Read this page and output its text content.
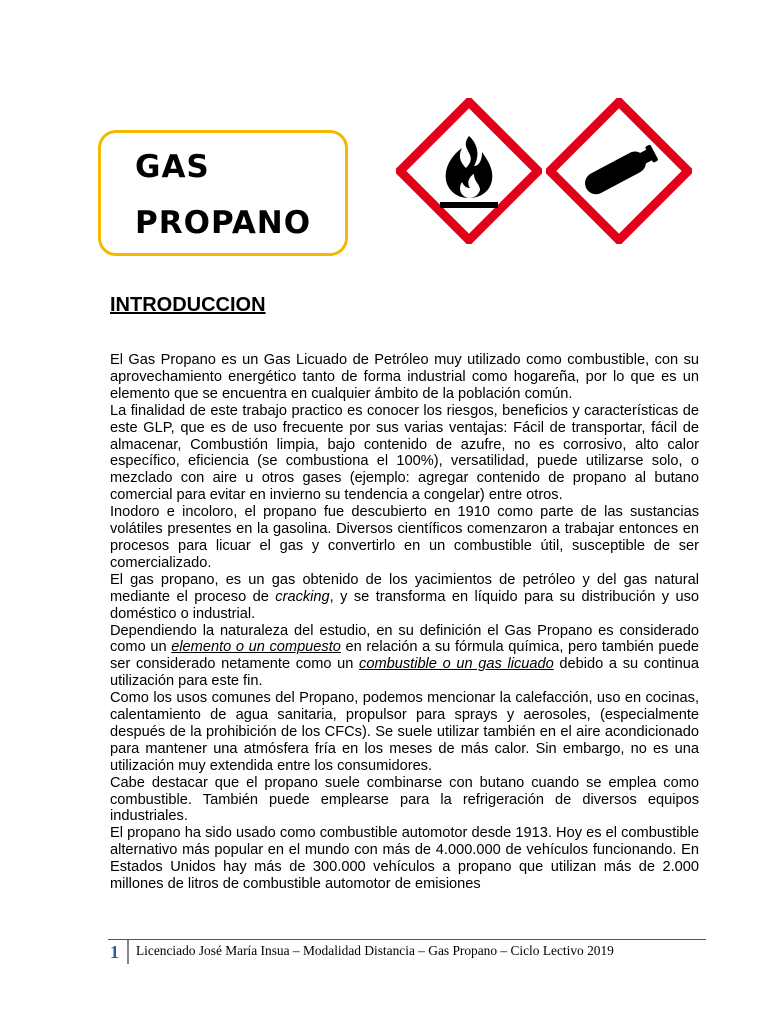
GAS
PROPANO
INTRODUCCION

El Gas Propano es un Gas Licuado de Petróleo muy utilizado como combustible, con su aprovechamiento energético tanto de forma industrial como hogareña, por lo que es un elemento que se encuentra en cualquier ámbito de la población común.

La finalidad de este trabajo practico es conocer los riesgos, beneficios y características de este GLP, que es de uso frecuente por sus varias ventajas: Fácil de transportar, fácil de almacenar, Combustión limpia, bajo contenido de azufre, no es corrosivo, alto calor específico, eficiencia (se combustiona el 100%), versatilidad, puede utilizarse solo, o mezclado con aire u otros gases (ejemplo: agregar contenido de propano al butano comercial para evitar en invierno su tendencia a congelar) entre otros.

Inodoro e incoloro, el propano fue descubierto en 1910 como parte de las sustancias volátiles presentes en la gasolina. Diversos científicos comenzaron a trabajar entonces en procesos para licuar el gas y convertirlo en un combustible útil, susceptible de ser comercializado.

El gas propano, es un gas obtenido de los yacimientos de petróleo y del gas natural mediante el proceso de cracking, y se transforma en líquido para su distribución y uso doméstico o industrial.

Dependiendo la naturaleza del estudio, en su definición el Gas Propano es considerado como un elemento o un compuesto en relación a su fórmula química, pero también puede ser considerado netamente como un combustible o un gas licuado debido a su continua utilización para este fin.

Como los usos comunes del Propano, podemos mencionar la calefacción, uso en cocinas, calentamiento de agua sanitaria, propulsor para sprays y aerosoles, (especialmente después de la prohibición de los CFCs). Se suele utilizar también en el aire acondicionado para mantener una atmósfera fría en los meses de más calor. Sin embargo, no es una utilización muy extendida entre los consumidores.

Cabe destacar que el propano suele combinarse con butano cuando se emplea como combustible. También puede emplearse para la refrigeración de diversos equipos industriales.

El propano ha sido usado como combustible automotor desde 1913. Hoy es el combustible alternativo más popular en el mundo con más de 4.000.000 de vehículos funcionando. En Estados Unidos hay más de 300.000 vehículos a propano que utilizan más de 2.000 millones de litros de combustible automotor de emisiones

1 Licenciado José María Insua – Modalidad Distancia – Gas Propano – Ciclo Lectivo 2019
